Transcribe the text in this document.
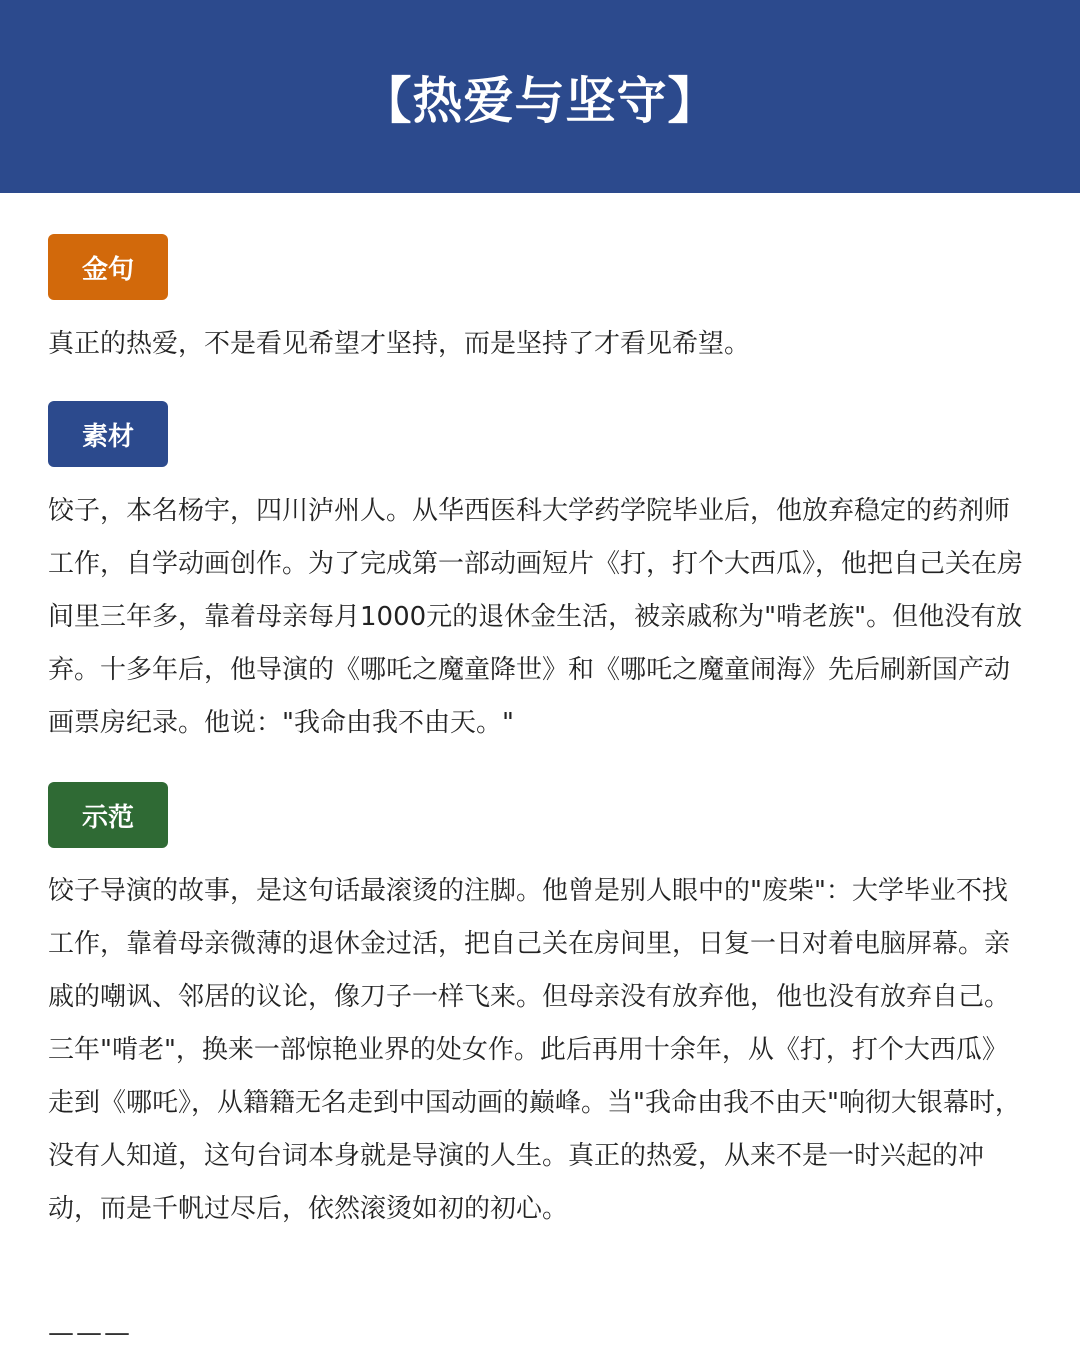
【热爱与坚守】
金句
真正的热爱，不是看见希望才坚持，而是坚持了才看见希望。
素材
饺子，本名杨宇，四川泸州人。从华西医科大学药学院毕业后，他放弃稳定的药剂师工作，自学动画创作。为了完成第一部动画短片《打，打个大西瓜》，他把自己关在房间里三年多，靠着母亲每月1000元的退休金生活，被亲戚称为"啃老族"。但他没有放弃。十多年后，他导演的《哪吒之魔童降世》和《哪吒之魔童闹海》先后刷新国产动画票房纪录。他说："我命由我不由天。"
示范
饺子导演的故事，是这句话最滚烫的注脚。他曾是别人眼中的"废柴"：大学毕业不找工作，靠着母亲微薄的退休金过活，把自己关在房间里，日复一日对着电脑屏幕。亲戚的嘲讽、邻居的议论，像刀子一样飞来。但母亲没有放弃他，他也没有放弃自己。三年"啃老"，换来一部惊艳业界的处女作。此后再用十余年，从《打，打个大西瓜》走到《哪吒》，从籍籍无名走到中国动画的巅峰。当"我命由我不由天"响彻大银幕时，没有人知道，这句台词本身就是导演的人生。真正的热爱，从来不是一时兴起的冲动，而是千帆过尽后，依然滚烫如初的初心。
———
